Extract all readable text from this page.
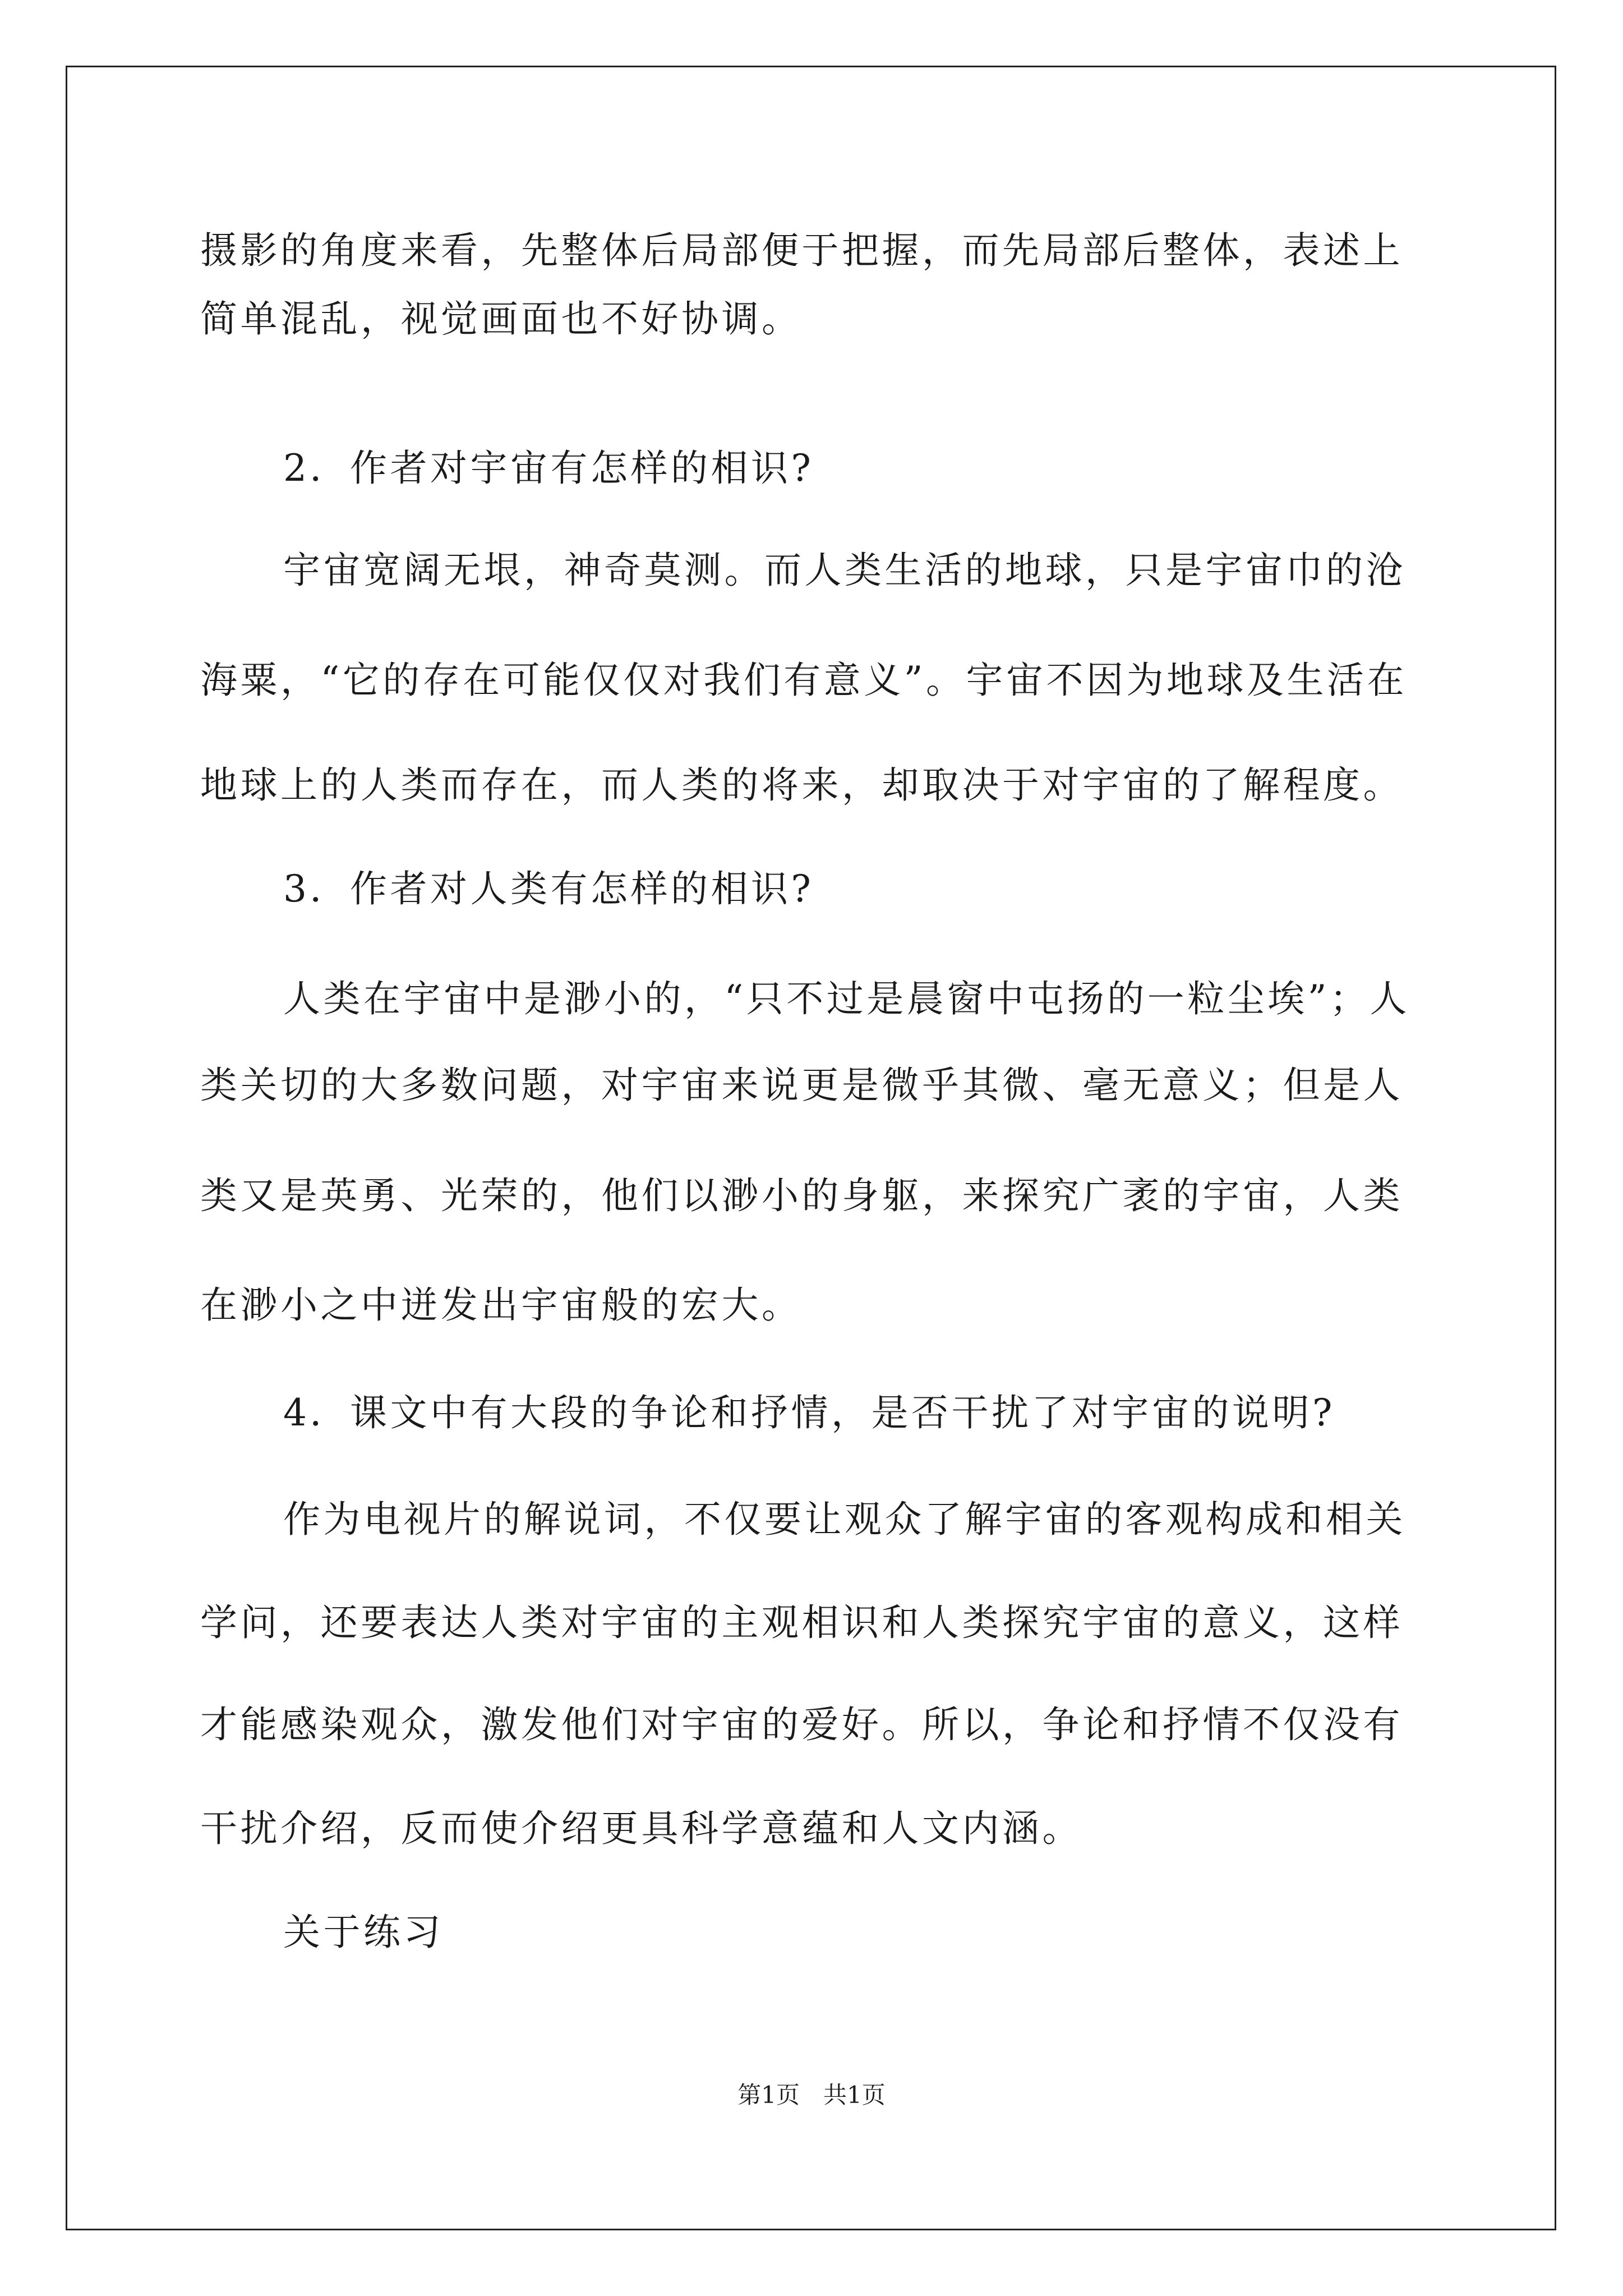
摄影的角度来看，先整体后局部便于把握，而先局部后整体，表述上
简单混乱，视觉画面也不好协调。
2．作者对宇宙有怎样的相识?
宇宙宽阔无垠，神奇莫测。而人类生活的地球，只是宇宙巾的沧
海粟，“它的存在可能仅仅对我们有意义”。宇宙不因为地球及生活在
地球上的人类而存在，而人类的将来，却取决于对宇宙的了解程度。
3．作者对人类有怎样的相识?
人类在宇宙中是渺小的，“只不过是晨窗中屯扬的一粒尘埃”；人
类关切的大多数问题，对宇宙来说更是微乎其微、毫无意义；但是人
类又是英勇、光荣的，他们以渺小的身躯，来探究广袤的宇宙，人类
在渺小之中迸发出宇宙般的宏大。
4．课文中有大段的争论和抒情，是否干扰了对宇宙的说明?
作为电视片的解说词，不仅要让观众了解宇宙的客观构成和相关
学问，还要表达人类对宇宙的主观相识和人类探究宇宙的意义，这样
才能感染观众，激发他们对宇宙的爱好。所以，争论和抒情不仅没有
干扰介绍，反而使介绍更具科学意蕴和人文内涵。
关于练习
第1页　共1页
